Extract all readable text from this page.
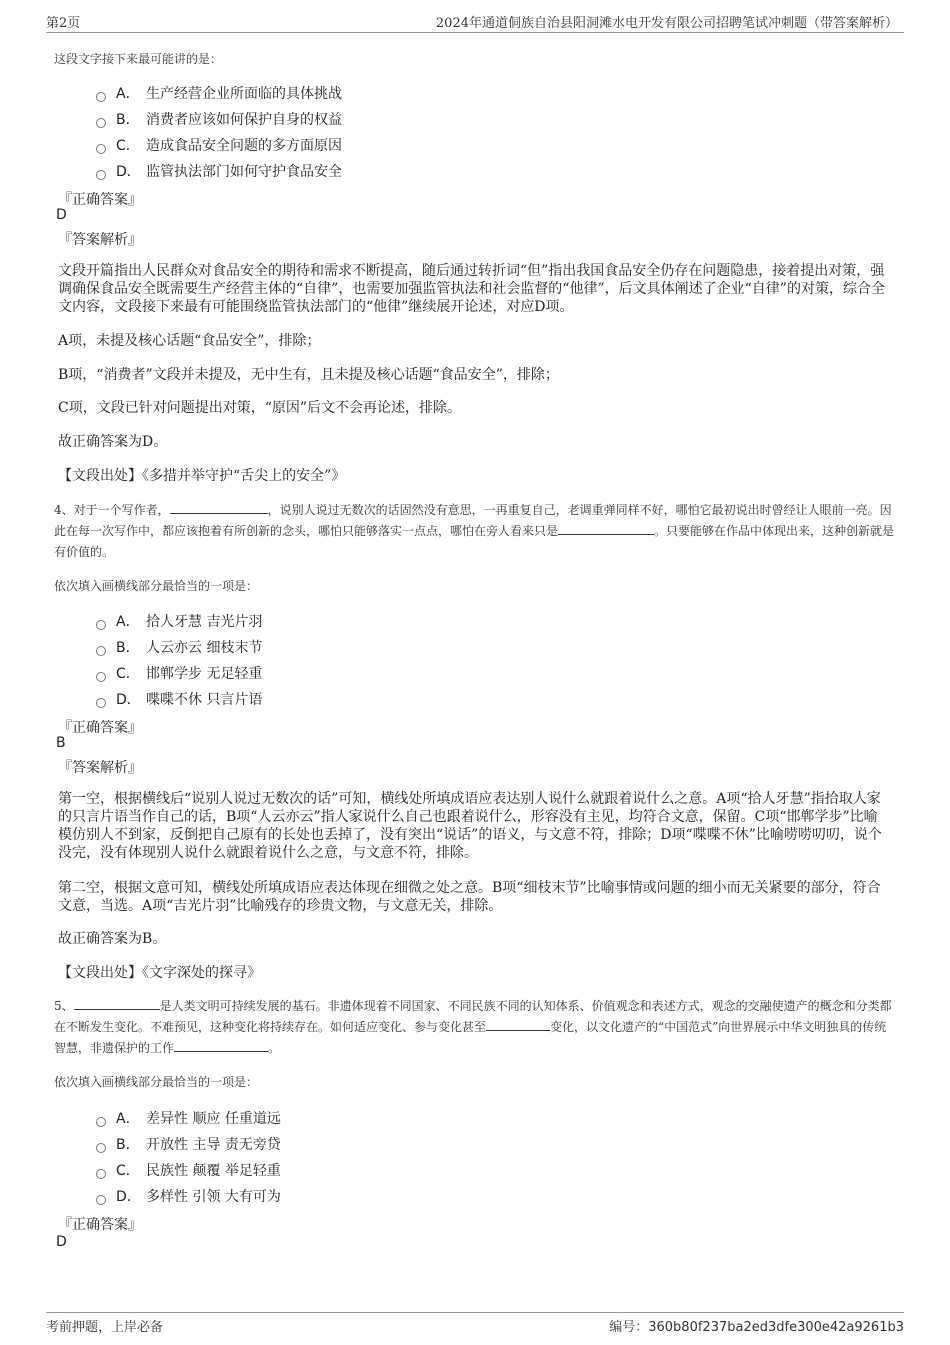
第2页	2024年通道侗族自治县阳洞滩水电开发有限公司招聘笔试冲刺题（带答案解析）
这段文字接下来最可能讲的是：
A． 生产经营企业所面临的具体挑战
B． 消费者应该如何保护自身的权益
C． 造成食品安全问题的多方面原因
D． 监管执法部门如何守护食品安全
『正确答案』
D
『答案解析』
文段开篇指出人民群众对食品安全的期待和需求不断提高，随后通过转折词“但”指出我国食品安全仍存在问题隐患，接着提出对策，强调确保食品安全既需要生产经营主体的“自律”，也需要加强监管执法和社会监督的“他律”，后文具体阐述了企业“自律”的对策，综合全文内容，文段接下来最有可能围绕监管执法部门的“他律”继续展开论述，对应D项。
A项，未提及核心话题“食品安全”，排除；
B项，“消费者”文段并未提及，无中生有，且未提及核心话题“食品安全”，排除；
C项，文段已针对问题提出对策，“原因”后文不会再论述，排除。
故正确答案为D。
【文段出处】《多措并举守护“舌尖上的安全”》
4、对于一个写作者，	，说别人说过无数次的话固然没有意思，一再重复自己，老调重弹同样不好，哪怕它最初说出时曾经让人眼前一亮。因此在每一次写作中，都应该抱着有所创新的念头，哪怕只能够落实一点点，哪怕在旁人看来只是	。只要能够在作品中体现出来，这种创新就是有价值的。
依次填入画横线部分最恰当的一项是：
A． 拾人牙慧 吉光片羽
B． 人云亦云 细枝末节
C． 邯郸学步 无足轻重
D． 喋喋不休 只言片语
『正确答案』
B
『答案解析』
第一空，根据横线后“说别人说过无数次的话”可知，横线处所填成语应表达别人说什么就跟着说什么之意。A项“拾人牙慧”指拾取人家的只言片语当作自己的话，B项“人云亦云”指人家说什么自己也跟着说什么，形容没有主见，均符合文意，保留。C项“邯郸学步”比喻模仿别人不到家，反倒把自己原有的长处也丢掉了，没有突出“说话”的语义，与文意不符，排除；D项“喋喋不休”比喻唠唠叨叨，说个没完，没有体现别人说什么就跟着说什么之意，与文意不符，排除。
第二空，根据文意可知，横线处所填成语应表达体现在细微之处之意。B项“细枝末节”比喻事情或问题的细小而无关紧要的部分，符合文意，当选。A项“吉光片羽”比喻残存的珍贵文物，与文意无关，排除。
故正确答案为B。
【文段出处】《文字深处的探寻》
5、	是人类文明可持续发展的基石。非遗体现着不同国家、不同民族不同的认知体系、价值观念和表述方式，观念的交融使遗产的概念和分类都在不断发生变化。不难预见，这种变化将持续存在。如何适应变化、参与变化甚至	变化，以文化遗产的“中国范式”向世界展示中华文明独具的传统智慧，非遗保护的工作	。
依次填入画横线部分最恰当的一项是：
A． 差异性 顺应 任重道远
B． 开放性 主导 责无旁贷
C． 民族性 颠覆 举足轻重
D． 多样性 引领 大有可为
『正确答案』
D
考前押题，上岸必备	编号：360b80f237ba2ed3dfe300e42a9261b3
